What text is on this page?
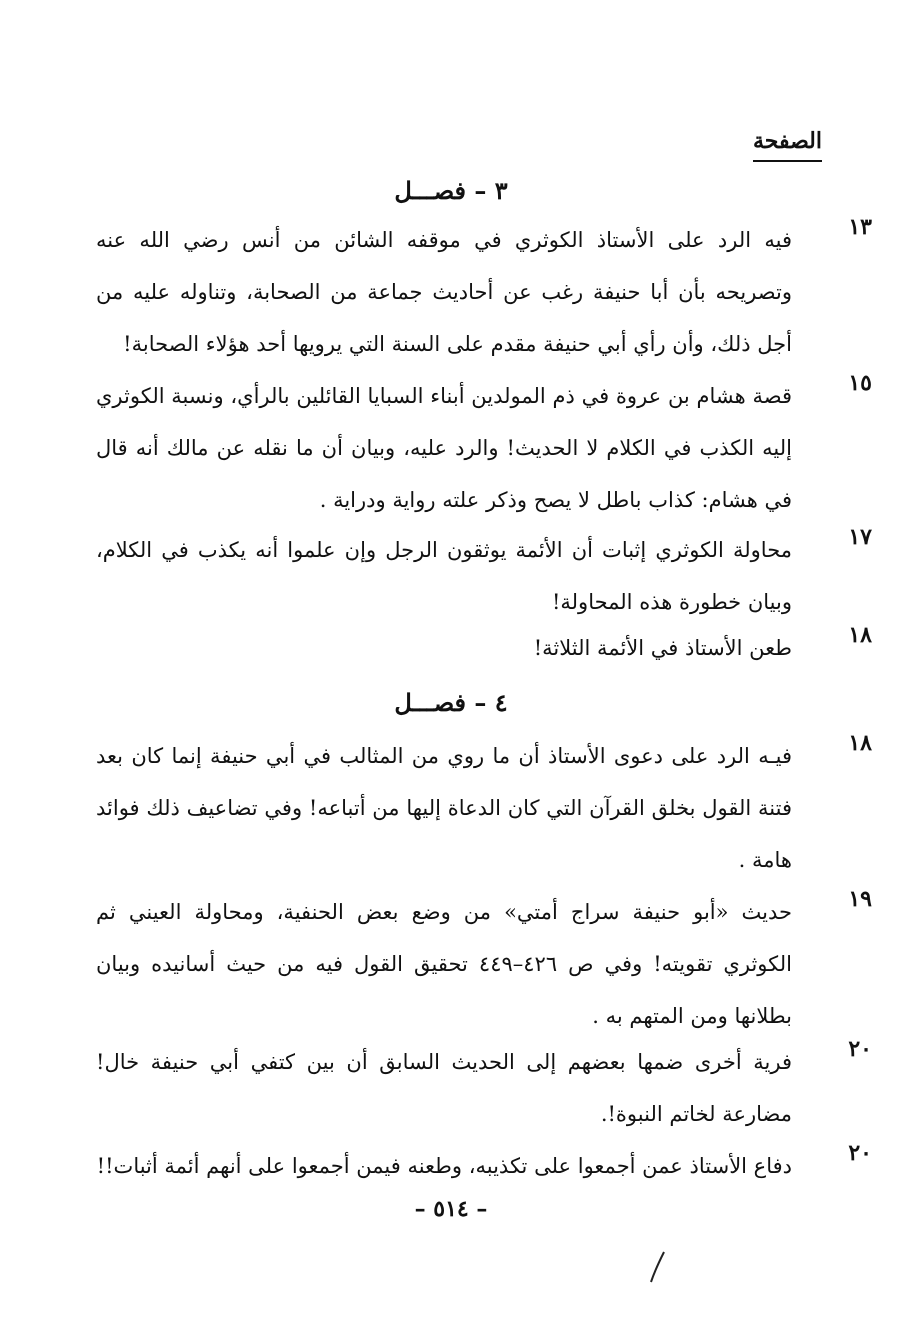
الصفحة
٣ – فصـــل
١٣
فيه الرد على الأستاذ الكوثري في موقفه الشائن من أنس رضي الله عنه وتصريحه بأن أبا حنيفة رغب عن أحاديث جماعة من الصحابة، وتناوله عليه من أجل ذلك، وأن رأي أبي حنيفة مقدم على السنة التي يرويها أحد هؤلاء الصحابة!
١٥
قصة هشام بن عروة في ذم المولدين أبناء السبايا القائلين بالرأي، ونسبة الكوثري إليه الكذب في الكلام لا الحديث! والرد عليه، وبيان أن ما نقله عن مالك أنه قال في هشام: كذاب باطل لا يصح وذكر علته رواية ودراية .
١٧
محاولة الكوثري إثبات أن الأئمة يوثقون الرجل وإن علموا أنه يكذب في الكلام، وبيان خطورة هذه المحاولة!
١٨
طعن الأستاذ في الأئمة الثلاثة!
٤ – فصـــل
١٨
فيـه الرد على دعوى الأستاذ أن ما روي من المثالب في أبي حنيفة إنما كان بعد فتنة القول بخلق القرآن التي كان الدعاة إليها من أتباعه! وفي تضاعيف ذلك فوائد هامة .
١٩
حديث «أبو حنيفة سراج أمتي» من وضع بعض الحنفية، ومحاولة العيني ثم الكوثري تقويته! وفي ص ٤٢٦–٤٤٩ تحقيق القول فيه من حيث أسانيده وبيان بطلانها ومن المتهم به .
٢٠
فرية أخرى ضمها بعضهم إلى الحديث السابق أن بين كتفي أبي حنيفة خال! مضارعة لخاتم النبوة!.
٢٠
دفاع الأستاذ عمن أجمعوا على تكذيبه، وطعنه فيمن أجمعوا على أنهم أئمة أثبات!!
– ٥١٤ –
